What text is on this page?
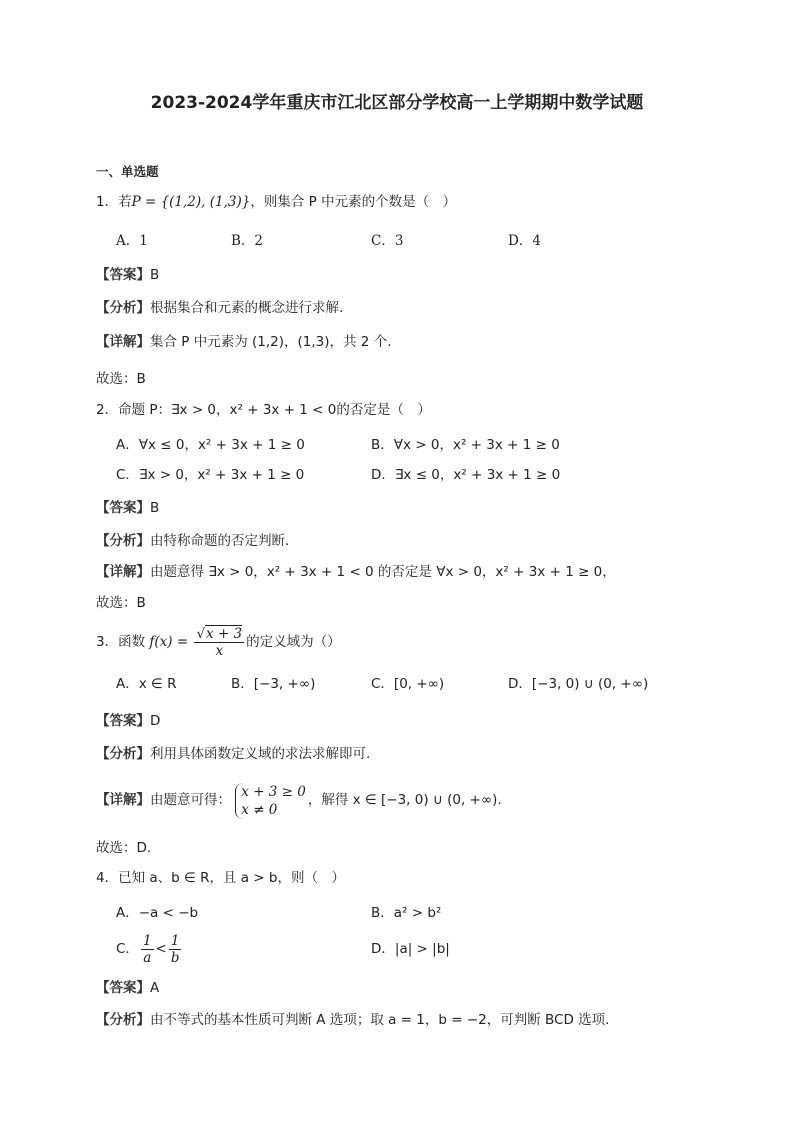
2023-2024学年重庆市江北区部分学校高一上学期期中数学试题
一、单选题
1．若P = {(1,2), (1,3)}，则集合 P 中元素的个数是（　）
A．1	B．2	C．3	D．4
【答案】B
【分析】根据集合和元素的概念进行求解.
【详解】集合 P 中元素为 (1,2)，(1,3)，共 2 个.
故选：B
2．命题 P：∃x > 0，x² + 3x + 1 < 0的否定是（　）
A．∀x ≤ 0，x² + 3x + 1 ≥ 0	B．∀x > 0，x² + 3x + 1 ≥ 0
C．∃x > 0，x² + 3x + 1 ≥ 0	D．∃x ≤ 0，x² + 3x + 1 ≥ 0
【答案】B
【分析】由特称命题的否定判断．
【详解】由题意得 ∃x > 0，x² + 3x + 1 < 0 的否定是 ∀x > 0，x² + 3x + 1 ≥ 0，
故选：B
3．函数 $f(x) = \frac{√x + 3}{x}$ 的定义域为（）
A．x ∈ R	B．[−3, +∞)	C．[0, +∞)	D．[−3, 0) ∪ (0, +∞)
【答案】D
【分析】利用具体函数定义域的求法求解即可.
【详解】由题意可得：
x + 3 ≥ 0
x ≠ 0
，解得 x ∈ [−3, 0) ∪ (0, +∞).
故选：D.
4．已知 a、b ∈ R，且 a > b，则（　）
A．−a < −b	B．a² > b²
C． $\frac{1}{a} < \frac{1}{b}$	D．|a| > |b|
【答案】A
【分析】由不等式的基本性质可判断 A 选项；取 a = 1，b = −2，可判断 BCD 选项.
